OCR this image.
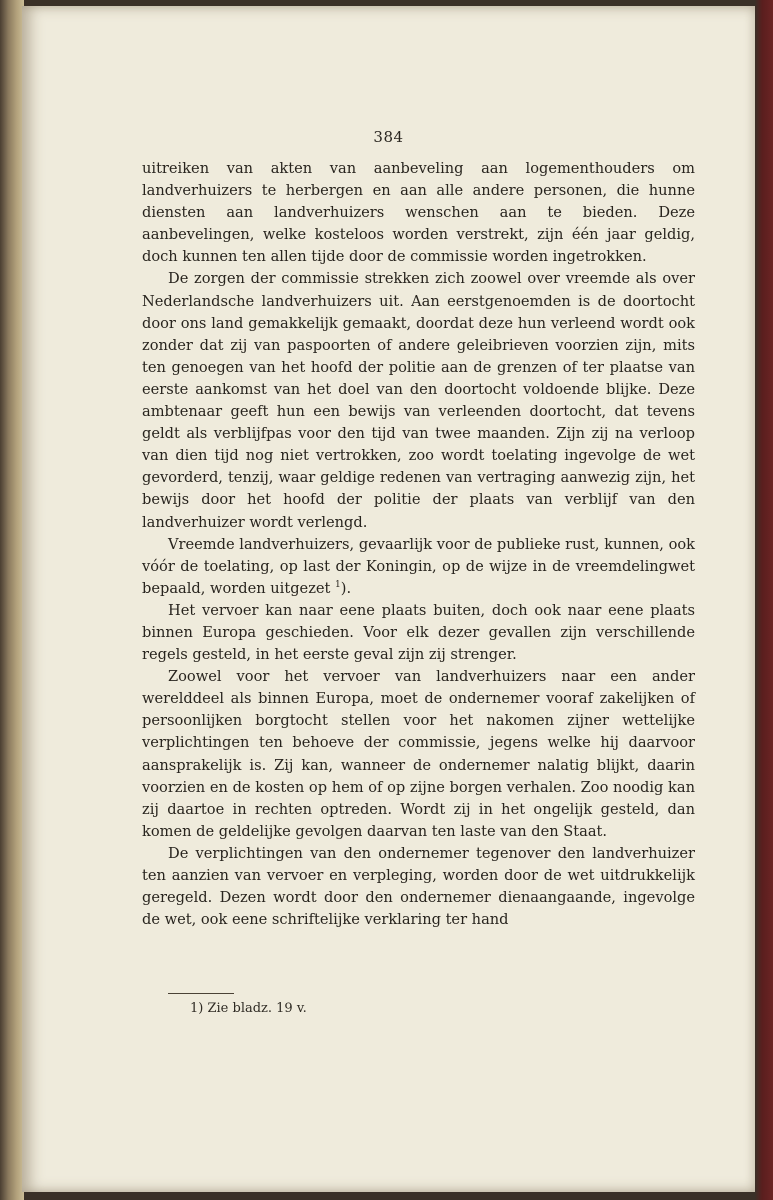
384

uitreiken van akten van aanbeveling aan logementhouders om landverhuizers te herbergen en aan alle andere personen, die hunne diensten aan landverhuizers wenschen aan te bieden. Deze aanbevelingen, welke kosteloos worden verstrekt, zijn één jaar geldig, doch kunnen ten allen tijde door de commissie worden ingetrokken.

De zorgen der commissie strekken zich zoowel over vreemde als over Nederlandsche landverhuizers uit. Aan eerstgenoemden is de doortocht door ons land gemakkelijk gemaakt, doordat deze hun verleend wordt ook zonder dat zij van paspoorten of andere geleibrieven voorzien zijn, mits ten genoegen van het hoofd der politie aan de grenzen of ter plaatse van eerste aankomst van het doel van den doortocht voldoende blijke. Deze ambtenaar geeft hun een bewijs van verleenden doortocht, dat tevens geldt als verblijfpas voor den tijd van twee maanden. Zijn zij na verloop van dien tijd nog niet vertrokken, zoo wordt toelating ingevolge de wet gevorderd, tenzij, waar geldige redenen van vertraging aanwezig zijn, het bewijs door het hoofd der politie der plaats van verblijf van den landverhuizer wordt verlengd.

Vreemde landverhuizers, gevaarlijk voor de publieke rust, kunnen, ook vóór de toelating, op last der Koningin, op de wijze in de vreemdelingwet bepaald, worden uitgezet $^1$).

Het vervoer kan naar eene plaats buiten, doch ook naar eene plaats binnen Europa geschieden. Voor elk dezer gevallen zijn verschillende regels gesteld, in het eerste geval zijn zij strenger.

Zoowel voor het vervoer van landverhuizers naar een ander werelddeel als binnen Europa, moet de ondernemer vooraf zakelijken of persoonlijken borgtocht stellen voor het nakomen zijner wettelijke verplichtingen ten behoeve der commissie, jegens welke hij daarvoor aansprakelijk is. Zij kan, wanneer de ondernemer nalatig blijkt, daarin voorzien en de kosten op hem of op zijne borgen verhalen. Zoo noodig kan zij daartoe in rechten optreden. Wordt zij in het ongelijk gesteld, dan komen de geldelijke gevolgen daarvan ten laste van den Staat.

De verplichtingen van den ondernemer tegenover den landverhuizer ten aanzien van vervoer en verpleging, worden door de wet uitdrukkelijk geregeld. Dezen wordt door den ondernemer dienaangaande, ingevolge de wet, ook eene schriftelijke verklaring ter hand

1) Zie bladz. 19 v.
